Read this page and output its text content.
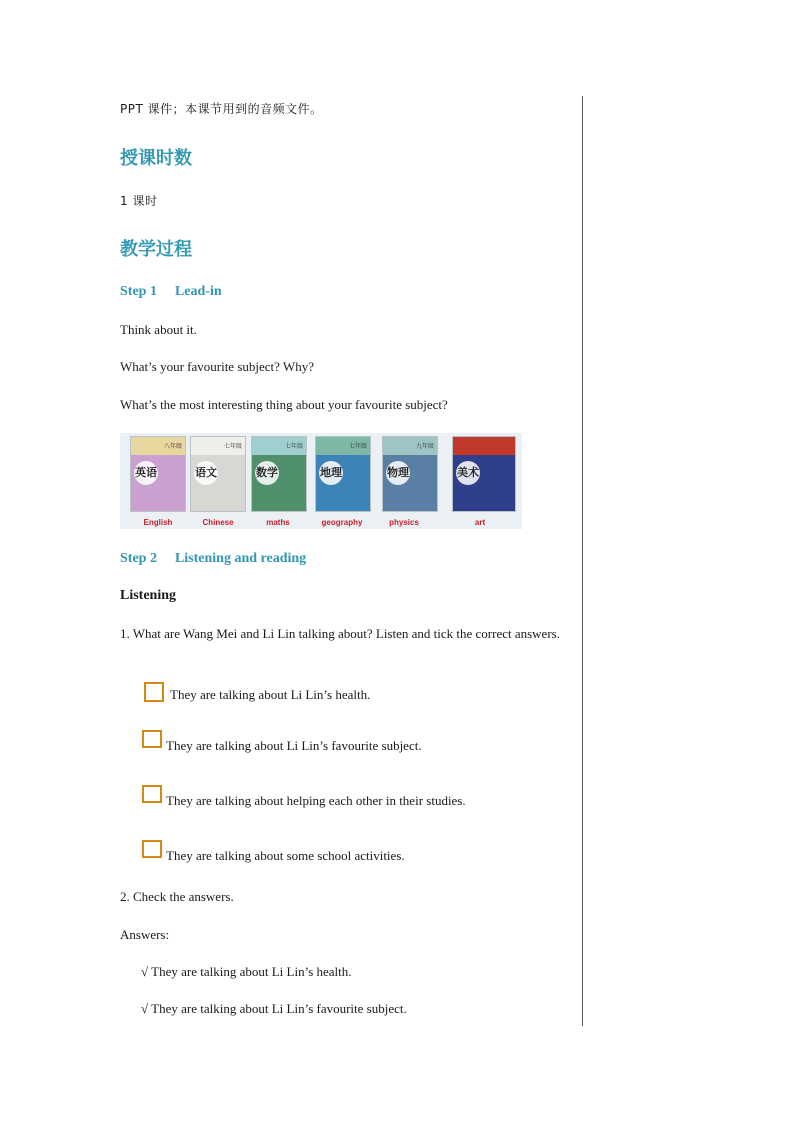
PPT 课件；本课节用到的音频文件。
授课时数
1 课时
教学过程
Step 1 Lead-in
Think about it.
What’s your favourite subject? Why?
What’s the most interesting thing about your favourite subject?
八年级
英语
English
七年级
语文
Chinese
七年级
数学
maths
七年级
地理
geography
九年级
物理
physics
美术
art
Step 2 Listening and reading
Listening
1. What are Wang Mei and Li Lin talking about? Listen and tick the correct answers.
They are talking about Li Lin’s health.
They are talking about Li Lin’s favourite subject.
They are talking about helping each other in their studies.
They are talking about some school activities.
2. Check the answers.
Answers:
√ They are talking about Li Lin’s health.
√ They are talking about Li Lin’s favourite subject.
